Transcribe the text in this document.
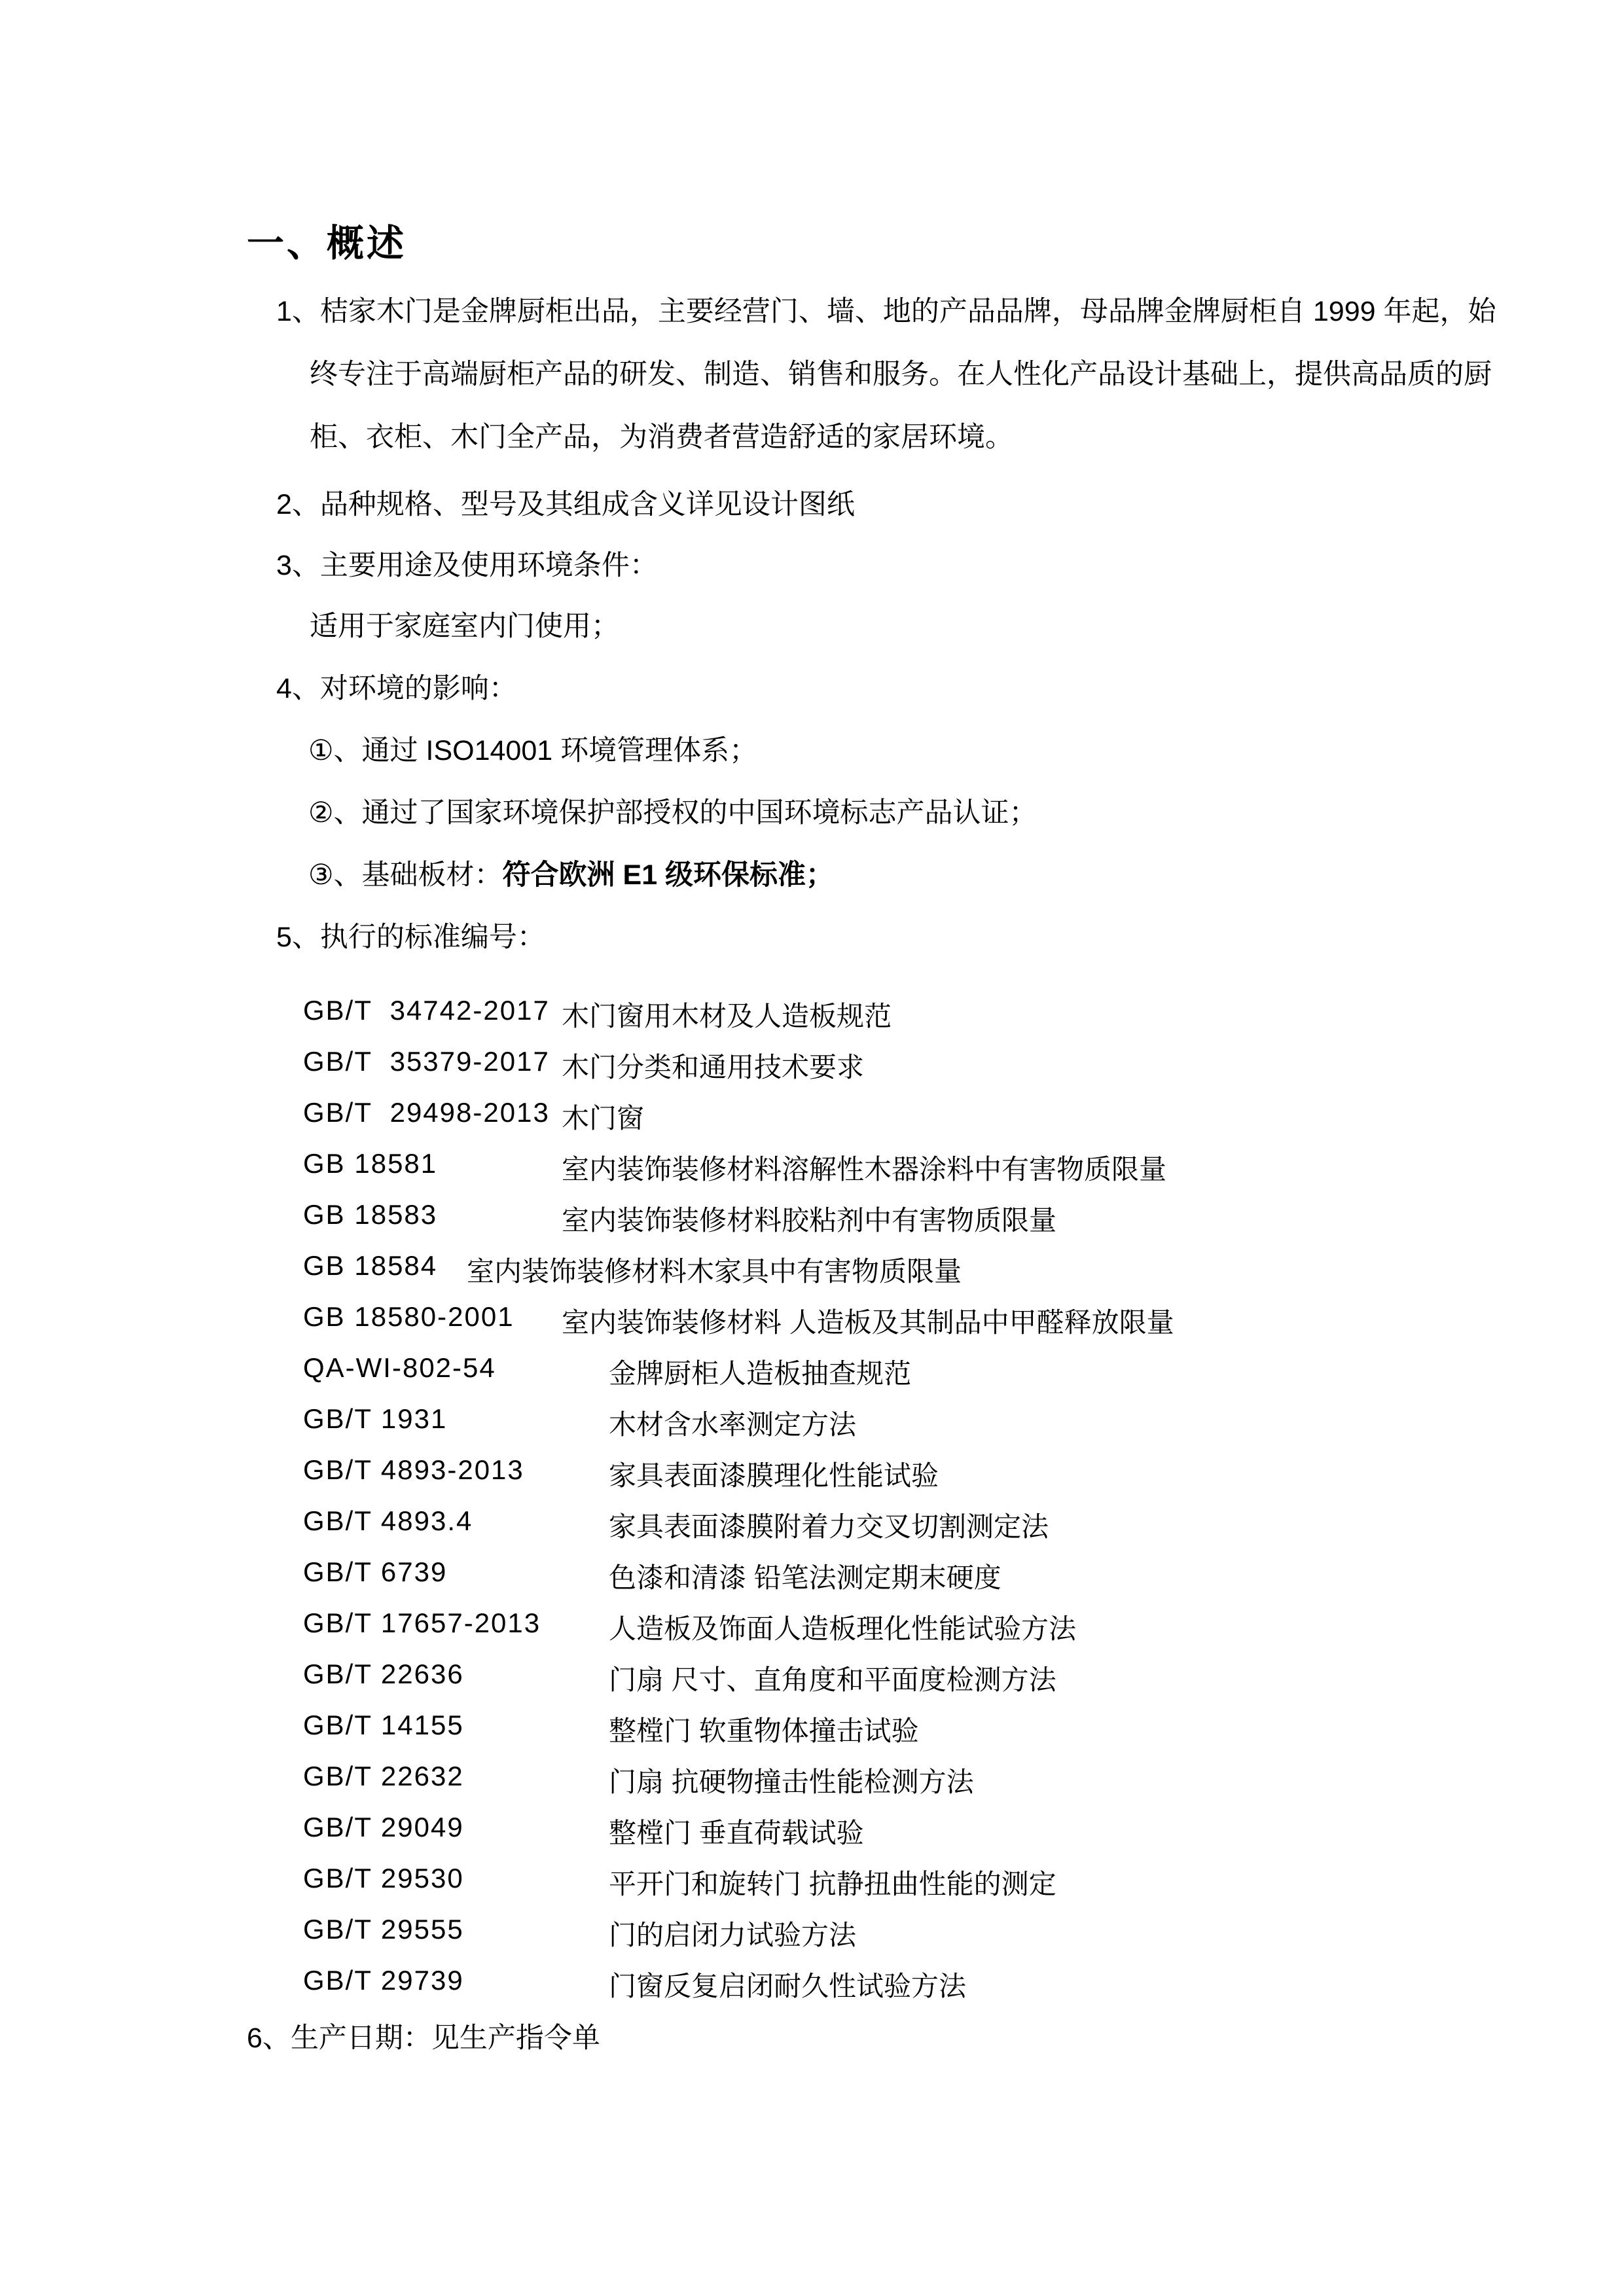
一、概述
1、桔家木门是金牌厨柜出品，主要经营门、墙、地的产品品牌，母品牌金牌厨柜自 1999 年起，始
终专注于高端厨柜产品的研发、制造、销售和服务。在人性化产品设计基础上，提供高品质的厨
柜、衣柜、木门全产品，为消费者营造舒适的家居环境。
2、品种规格、型号及其组成含义详见设计图纸
3、主要用途及使用环境条件：
适用于家庭室内门使用；
4、对环境的影响：
①、通过 ISO14001 环境管理体系；
②、通过了国家环境保护部授权的中国环境标志产品认证；
③、基础板材：符合欧洲 E1 级环保标准；
5、执行的标准编号：
GB/T  34742-2017 木门窗用木材及人造板规范
GB/T  35379-2017 木门分类和通用技术要求
GB/T  29498-2013 木门窗
GB 18581	室内装饰装修材料溶解性木器涂料中有害物质限量
GB 18583	室内装饰装修材料胶粘剂中有害物质限量
GB 18584 室内装饰装修材料木家具中有害物质限量
GB 18580-2001 室内装饰装修材料 人造板及其制品中甲醛释放限量
QA-WI-802-54	金牌厨柜人造板抽查规范
GB/T 1931	木材含水率测定方法
GB/T 4893-2013	家具表面漆膜理化性能试验
GB/T 4893.4	家具表面漆膜附着力交叉切割测定法
GB/T 6739	色漆和清漆 铅笔法测定期末硬度
GB/T 17657-2013 人造板及饰面人造板理化性能试验方法
GB/T 22636	门扇 尺寸、直角度和平面度检测方法
GB/T 14155	整樘门 软重物体撞击试验
GB/T 22632	门扇 抗硬物撞击性能检测方法
GB/T 29049	整樘门 垂直荷载试验
GB/T 29530	平开门和旋转门 抗静扭曲性能的测定
GB/T 29555	门的启闭力试验方法
GB/T 29739	门窗反复启闭耐久性试验方法
6、生产日期：见生产指令单
